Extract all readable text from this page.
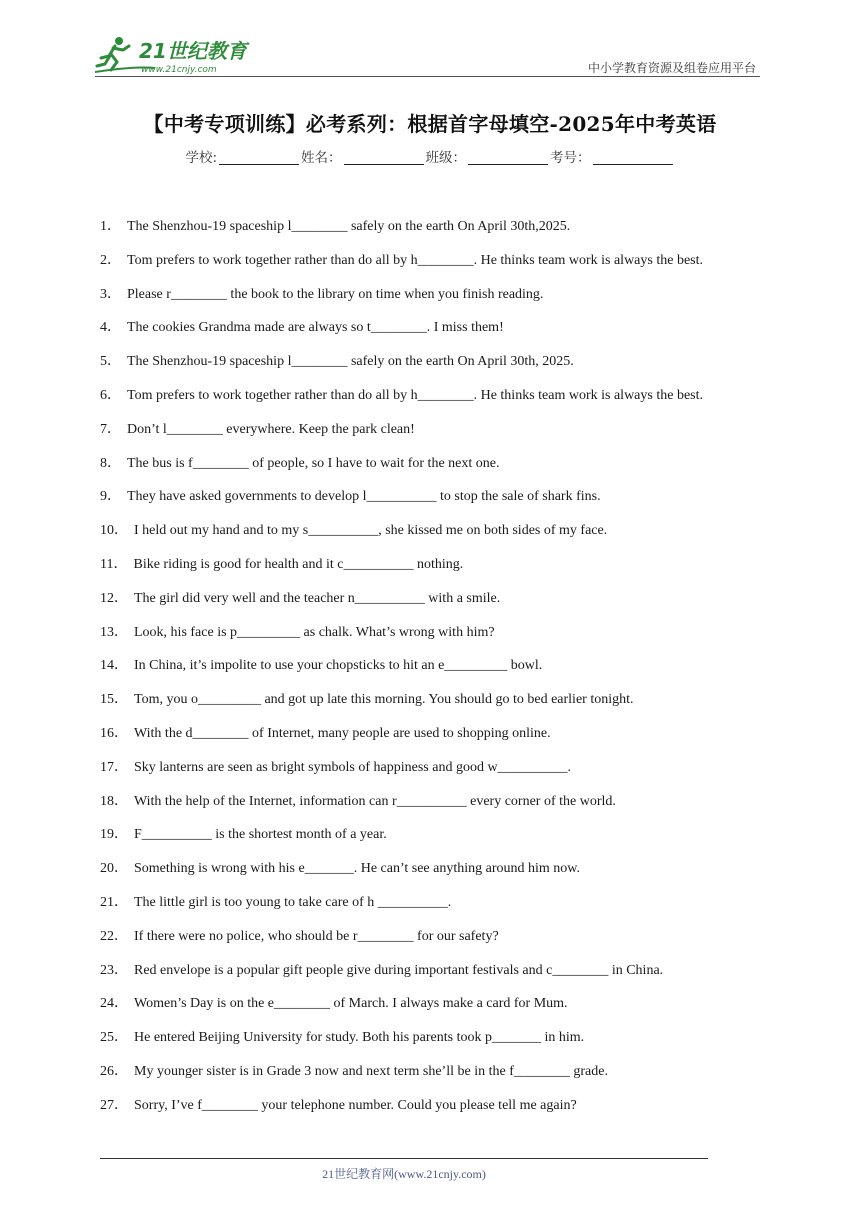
21世纪教育
www.21cnjy.com	中小学教育资源及组卷应用平台
【中考专项训练】必考系列：根据首字母填空-2025年中考英语
学校:	姓名：	班级：	考号：
1． The Shenzhou-19 spaceship l________ safely on the earth On April 30th,2025.
2． Tom prefers to work together rather than do all by h________. He thinks team work is always the best.
3． Please r________ the book to the library on time when you finish reading.
4． The cookies Grandma made are always so t________. I miss them!
5． The Shenzhou-19 spaceship l________ safely on the earth On April 30th, 2025.
6． Tom prefers to work together rather than do all by h________. He thinks team work is always the best.
7． Don’t l________ everywhere. Keep the park clean!
8． The bus is f________ of people, so I have to wait for the next one.
9． They have asked governments to develop l__________ to stop the sale of shark fins.
10． I held out my hand and to my s__________, she kissed me on both sides of my face.
11． Bike riding is good for health and it c__________ nothing.
12． The girl did very well and the teacher n__________ with a smile.
13． Look, his face is p_________ as chalk. What’s wrong with him?
14． In China, it’s impolite to use your chopsticks to hit an e_________ bowl.
15． Tom, you o_________ and got up late this morning. You should go to bed earlier tonight.
16． With the d________ of Internet, many people are used to shopping online.
17． Sky lanterns are seen as bright symbols of happiness and good w__________.
18． With the help of the Internet, information can r__________ every corner of the world.
19． F__________ is the shortest month of a year.
20． Something is wrong with his e_______. He can’t see anything around him now.
21． The little girl is too young to take care of h __________.
22． If there were no police, who should be r________ for our safety?
23． Red envelope is a popular gift people give during important festivals and c________ in China.
24． Women’s Day is on the e________ of March. I always make a card for Mum.
25． He entered Beijing University for study. Both his parents took p_______ in him.
26． My younger sister is in Grade 3 now and next term she’ll be in the f________ grade.
27． Sorry, I’ve f________ your telephone number. Could you please tell me again?
21世纪教育网(www.21cnjy.com)
